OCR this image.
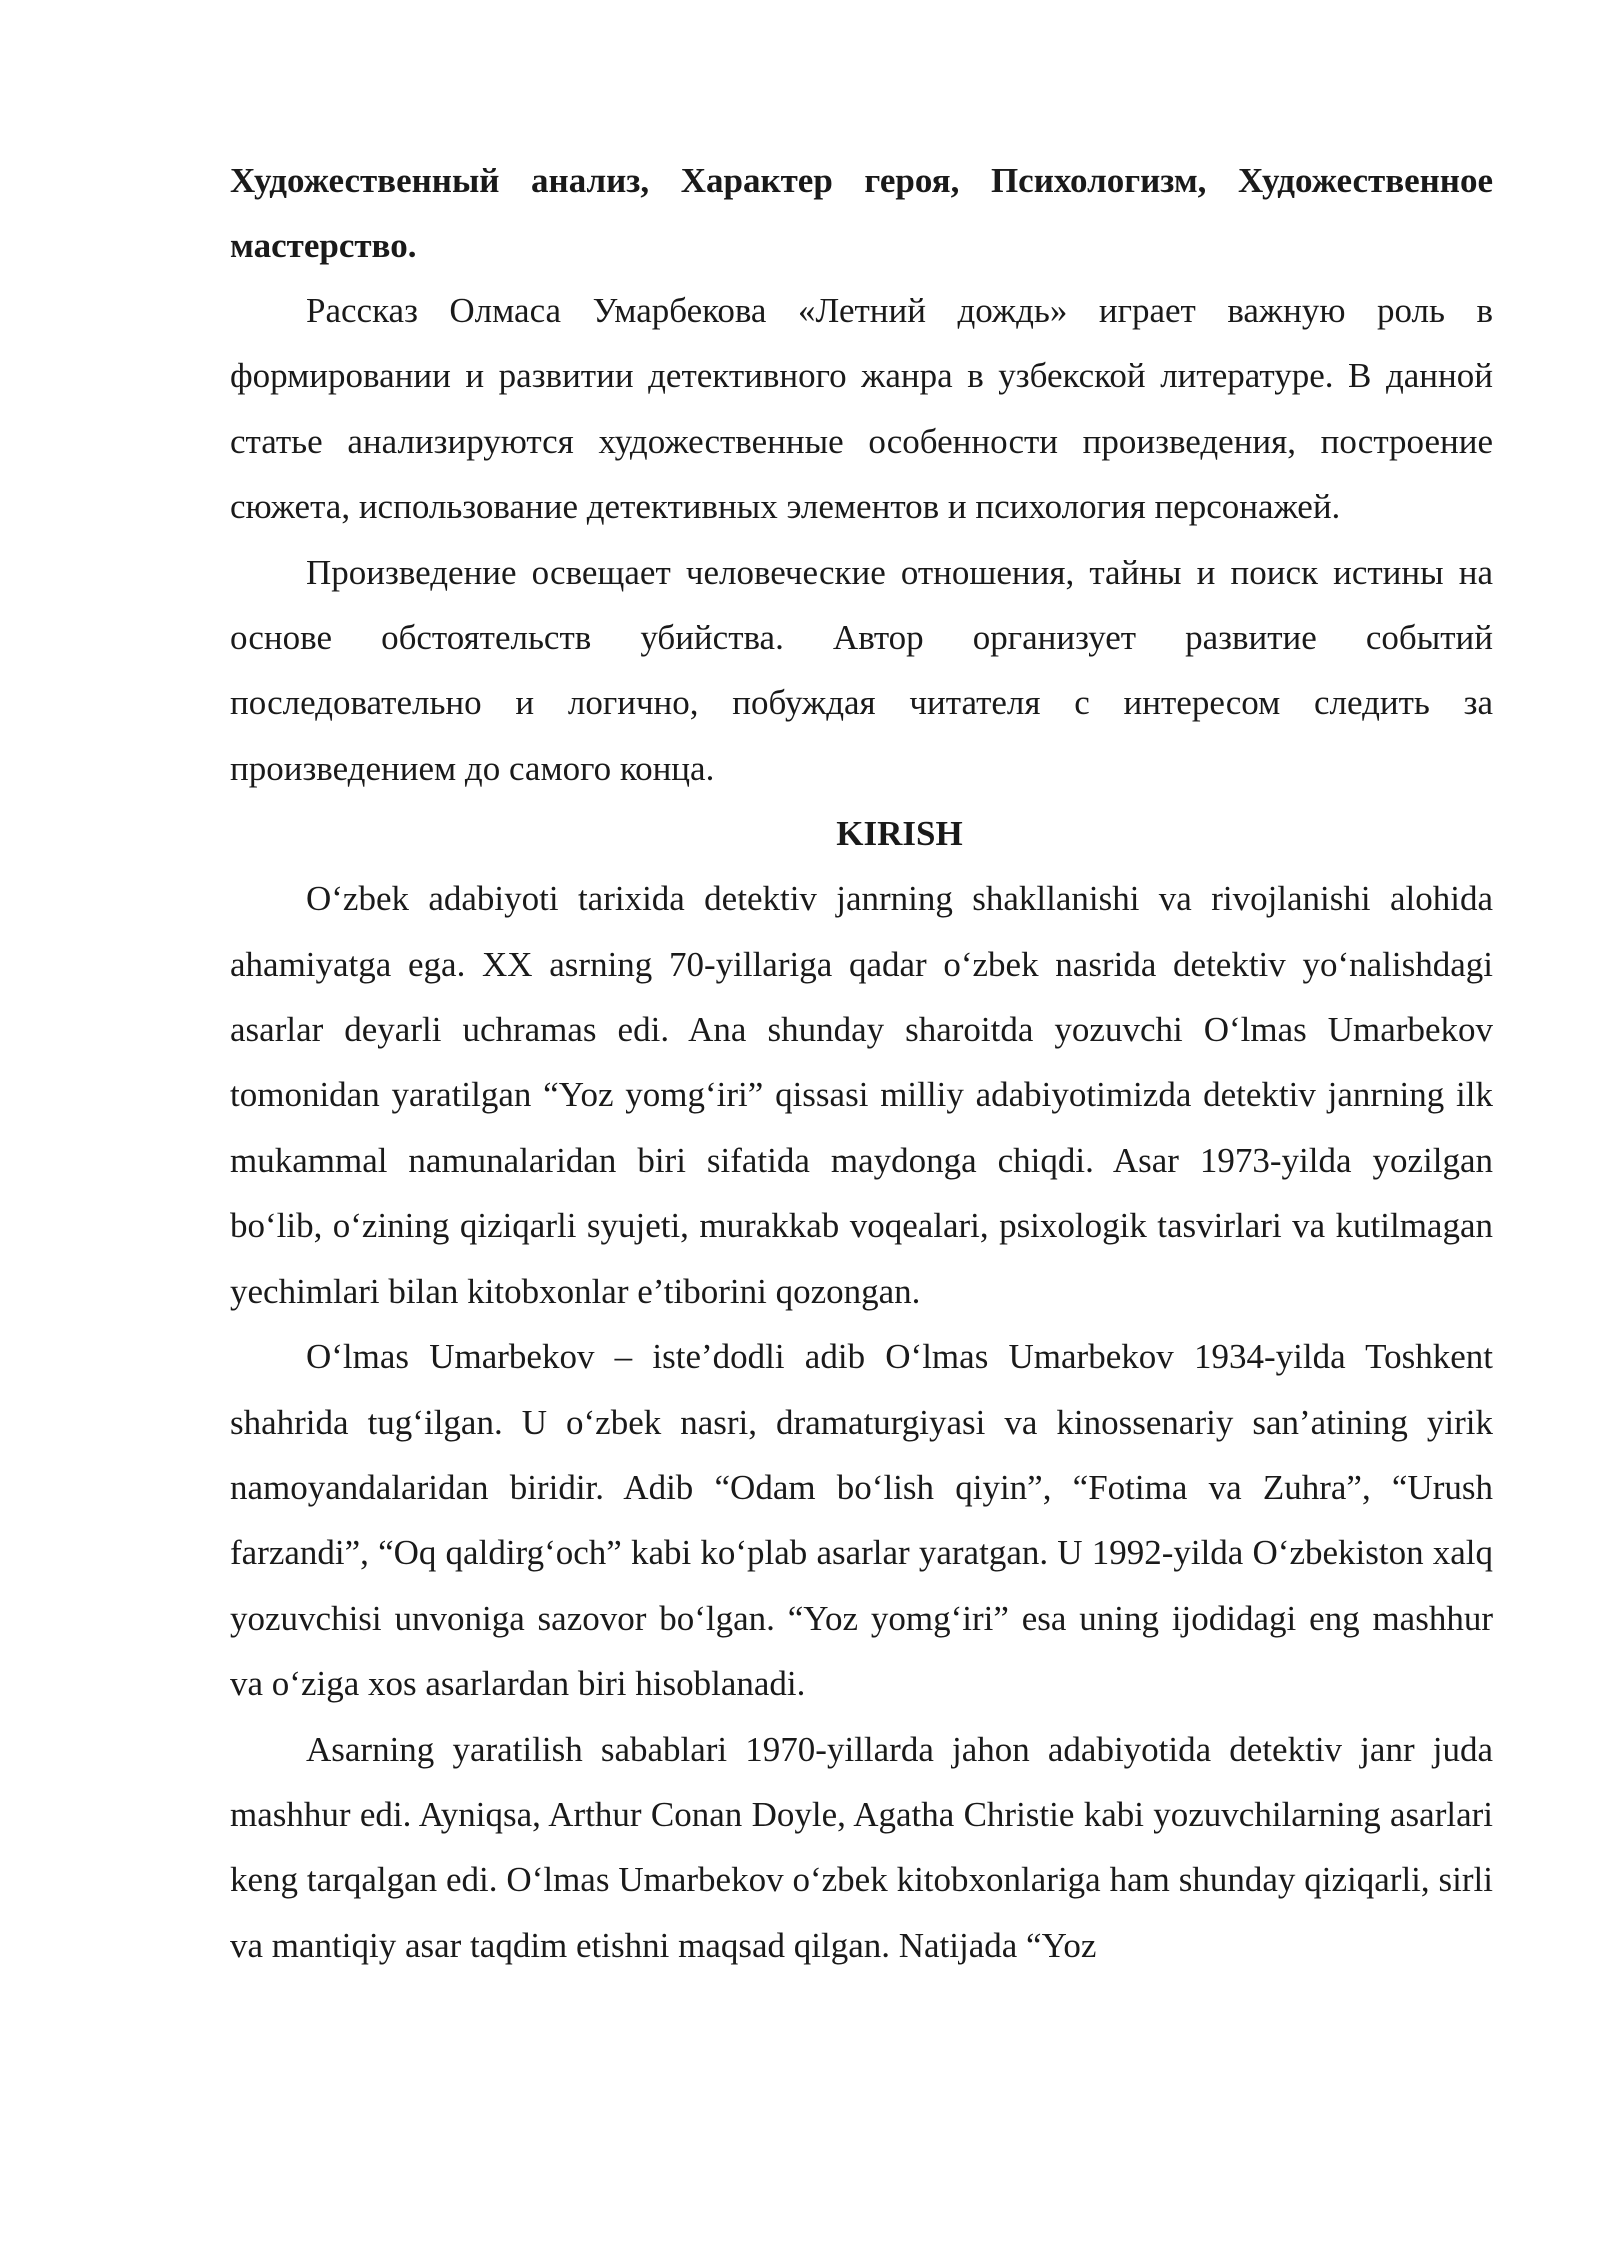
Художественный анализ, Характер героя, Психологизм, Художественное мастерство.

Рассказ Олмаса Умарбекова «Летний дождь» играет важную роль в формировании и развитии детективного жанра в узбекской литературе. В данной статье анализируются художественные особенности произведения, построение сюжета, использование детективных элементов и психология персонажей.

Произведение освещает человеческие отношения, тайны и поиск истины на основе обстоятельств убийства. Автор организует развитие событий последовательно и логично, побуждая читателя с интересом следить за произведением до самого конца.

KIRISH

O‘zbek adabiyoti tarixida detektiv janrning shakllanishi va rivojlanishi alohida ahamiyatga ega. XX asrning 70-yillariga qadar o‘zbek nasrida detektiv yo‘nalishdagi asarlar deyarli uchramas edi. Ana shunday sharoitda yozuvchi O‘lmas Umarbekov tomonidan yaratilgan “Yoz yomg‘iri” qissasi milliy adabiyotimizda detektiv janrning ilk mukammal namunalaridan biri sifatida maydonga chiqdi. Asar 1973-yilda yozilgan bo‘lib, o‘zining qiziqarli syujeti, murakkab voqealari, psixologik tasvirlari va kutilmagan yechimlari bilan kitobxonlar e’tiborini qozongan.

O‘lmas Umarbekov – iste’dodli adib O‘lmas Umarbekov 1934-yilda Toshkent shahrida tug‘ilgan. U o‘zbek nasri, dramaturgiyasi va kinossenariy san’atining yirik namoyandalaridan biridir. Adib “Odam bo‘lish qiyin”, “Fotima va Zuhra”, “Urush farzandi”, “Oq qaldirg‘och” kabi ko‘plab asarlar yaratgan. U 1992-yilda O‘zbekiston xalq yozuvchisi unvoniga sazovor bo‘lgan. “Yoz yomg‘iri” esa uning ijodidagi eng mashhur va o‘ziga xos asarlardan biri hisoblanadi.

Asarning yaratilish sabablari 1970-yillarda jahon adabiyotida detektiv janr juda mashhur edi. Ayniqsa, Arthur Conan Doyle, Agatha Christie kabi yozuvchilarning asarlari keng tarqalgan edi. O‘lmas Umarbekov o‘zbek kitobxonlariga ham shunday qiziqarli, sirli va mantiqiy asar taqdim etishni maqsad qilgan. Natijada “Yoz
